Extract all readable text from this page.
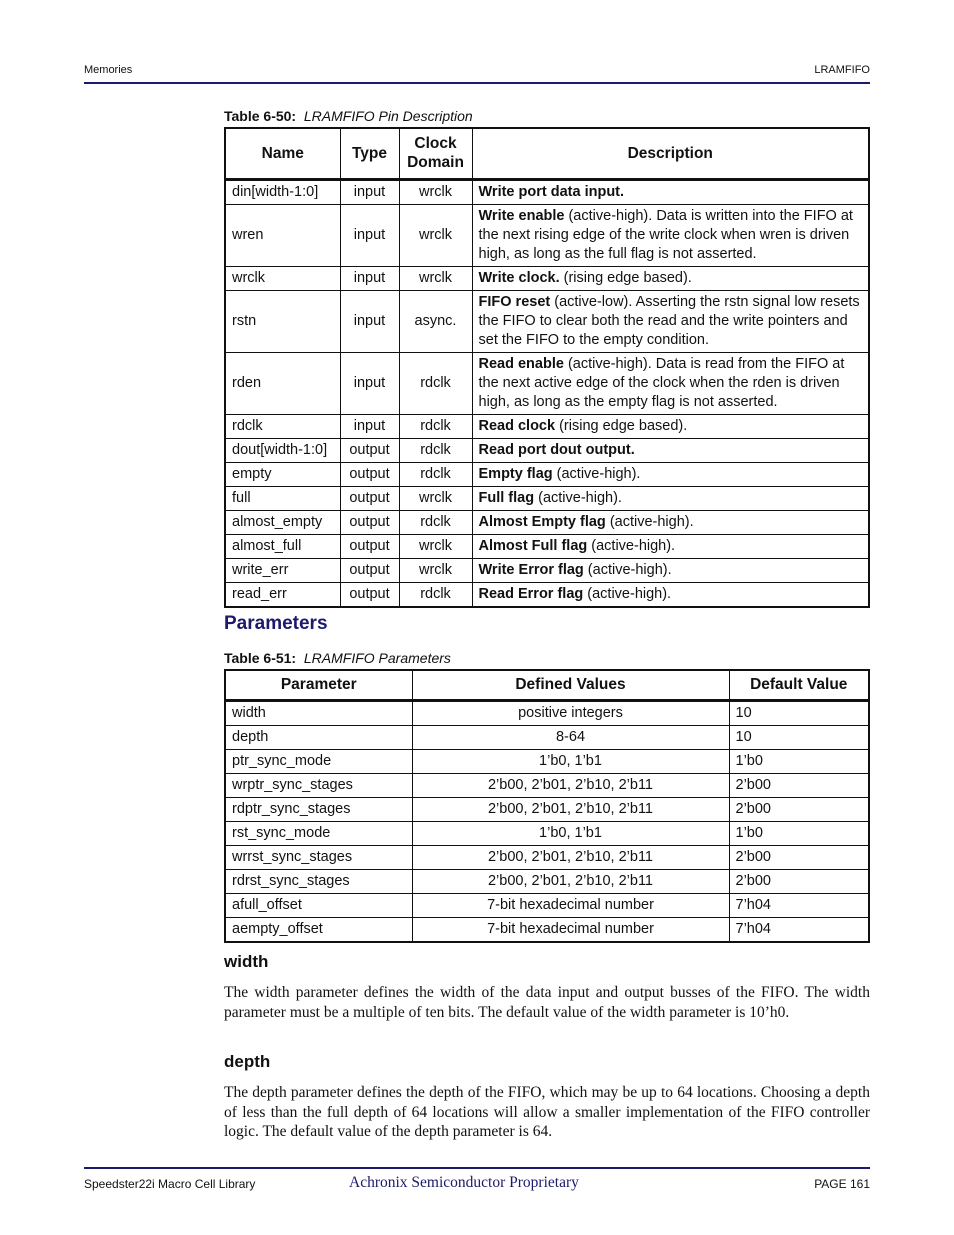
Memories	LRAMFIFO
Table 6-50: LRAMFIFO Pin Description
Name	Type	Clock Domain	Description
din[width-1:0]	input	wrclk	Write port data input.
wren	input	wrclk	Write enable (active-high). Data is written into the FIFO at the next rising edge of the write clock when wren is driven high, as long as the full flag is not asserted.
wrclk	input	wrclk	Write clock. (rising edge based).
rstn	input	async.	FIFO reset (active-low). Asserting the rstn signal low resets the FIFO to clear both the read and the write pointers and set the FIFO to the empty condition.
rden	input	rdclk	Read enable (active-high). Data is read from the FIFO at the next active edge of the clock when the rden is driven high, as long as the empty flag is not asserted.
rdclk	input	rdclk	Read clock (rising edge based).
dout[width-1:0]	output	rdclk	Read port dout output.
empty	output	rdclk	Empty flag (active-high).
full	output	wrclk	Full flag (active-high).
almost_empty	output	rdclk	Almost Empty flag (active-high).
almost_full	output	wrclk	Almost Full flag (active-high).
write_err	output	wrclk	Write Error flag (active-high).
read_err	output	rdclk	Read Error flag (active-high).
Parameters
Table 6-51: LRAMFIFO Parameters
Parameter	Defined Values	Default Value
width	positive integers	10
depth	8-64	10
ptr_sync_mode	1’b0, 1’b1	1’b0
wrptr_sync_stages	2’b00, 2’b01, 2’b10, 2’b11	2’b00
rdptr_sync_stages	2’b00, 2’b01, 2’b10, 2’b11	2’b00
rst_sync_mode	1’b0, 1’b1	1’b0
wrrst_sync_stages	2’b00, 2’b01, 2’b10, 2’b11	2’b00
rdrst_sync_stages	2’b00, 2’b01, 2’b10, 2’b11	2’b00
afull_offset	7-bit hexadecimal number	7’h04
aempty_offset	7-bit hexadecimal number	7’h04
width
The width parameter defines the width of the data input and output busses of the FIFO. The width parameter must be a multiple of ten bits. The default value of the width parameter is 10’h0.
depth
The depth parameter defines the depth of the FIFO, which may be up to 64 locations. Choosing a depth of less than the full depth of 64 locations will allow a smaller implementation of the FIFO controller logic. The default value of the depth parameter is 64.
Speedster22i Macro Cell Library	Achronix Semiconductor Proprietary	PAGE 161
